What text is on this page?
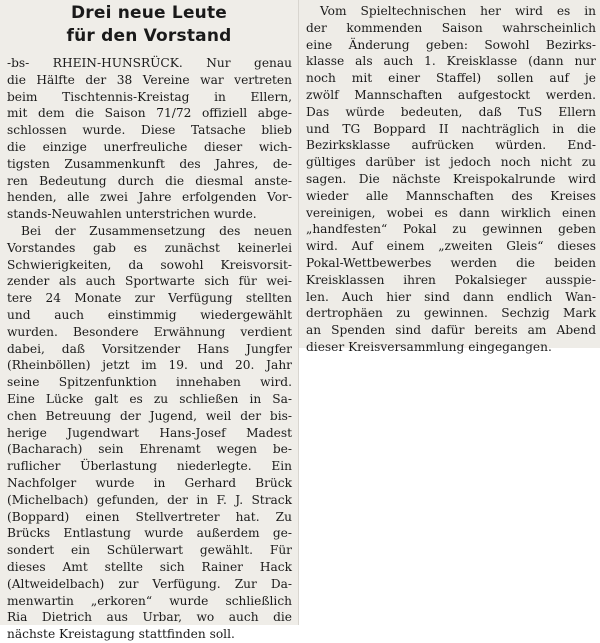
Drei neue Leute
für den Vorstand
-bs- RHEIN-HUNSRÜCK. Nur genau
die Hälfte der 38 Vereine war vertreten
beim Tischtennis-Kreistag in Ellern,
mit dem die Saison 71/72 offiziell abge-
schlossen wurde. Diese Tatsache blieb
die einzige unerfreuliche dieser wich-
tigsten Zusammenkunft des Jahres, de-
ren Bedeutung durch die diesmal anste-
henden, alle zwei Jahre erfolgenden Vor-
stands-Neuwahlen unterstrichen wurde.
Bei der Zusammensetzung des neuen
Vorstandes gab es zunächst keinerlei
Schwierigkeiten, da sowohl Kreisvorsit-
zender als auch Sportwarte sich für wei-
tere 24 Monate zur Verfügung stellten
und auch einstimmig wiedergewählt
wurden. Besondere Erwähnung verdient
dabei, daß Vorsitzender Hans Jungfer
(Rheinböllen) jetzt im 19. und 20. Jahr
seine Spitzenfunktion innehaben wird.
Eine Lücke galt es zu schließen in Sa-
chen Betreuung der Jugend, weil der bis-
herige Jugendwart Hans-Josef Madest
(Bacharach) sein Ehrenamt wegen be-
ruflicher Überlastung niederlegte. Ein
Nachfolger wurde in Gerhard Brück
(Michelbach) gefunden, der in F. J. Strack
(Boppard) einen Stellvertreter hat. Zu
Brücks Entlastung wurde außerdem ge-
sondert ein Schülerwart gewählt. Für
dieses Amt stellte sich Rainer Hack
(Altweidelbach) zur Verfügung. Zur Da-
menwartin „erkoren“ wurde schließlich
Ria Dietrich aus Urbar, wo auch die
nächste Kreistagung stattfinden soll.
Vom Spieltechnischen her wird es in
der kommenden Saison wahrscheinlich
eine Änderung geben: Sowohl Bezirks-
klasse als auch 1. Kreisklasse (dann nur
noch mit einer Staffel) sollen auf je
zwölf Mannschaften aufgestockt werden.
Das würde bedeuten, daß TuS Ellern
und TG Boppard II nachträglich in die
Bezirksklasse aufrücken würden. End-
gültiges darüber ist jedoch noch nicht zu
sagen. Die nächste Kreispokalrunde wird
wieder alle Mannschaften des Kreises
vereinigen, wobei es dann wirklich einen
„handfesten“ Pokal zu gewinnen geben
wird. Auf einem „zweiten Gleis“ dieses
Pokal-Wettbewerbes werden die beiden
Kreisklassen ihren Pokalsieger ausspie-
len. Auch hier sind dann endlich Wan-
dertrophäen zu gewinnen. Sechzig Mark
an Spenden sind dafür bereits am Abend
dieser Kreisversammlung eingegangen.
